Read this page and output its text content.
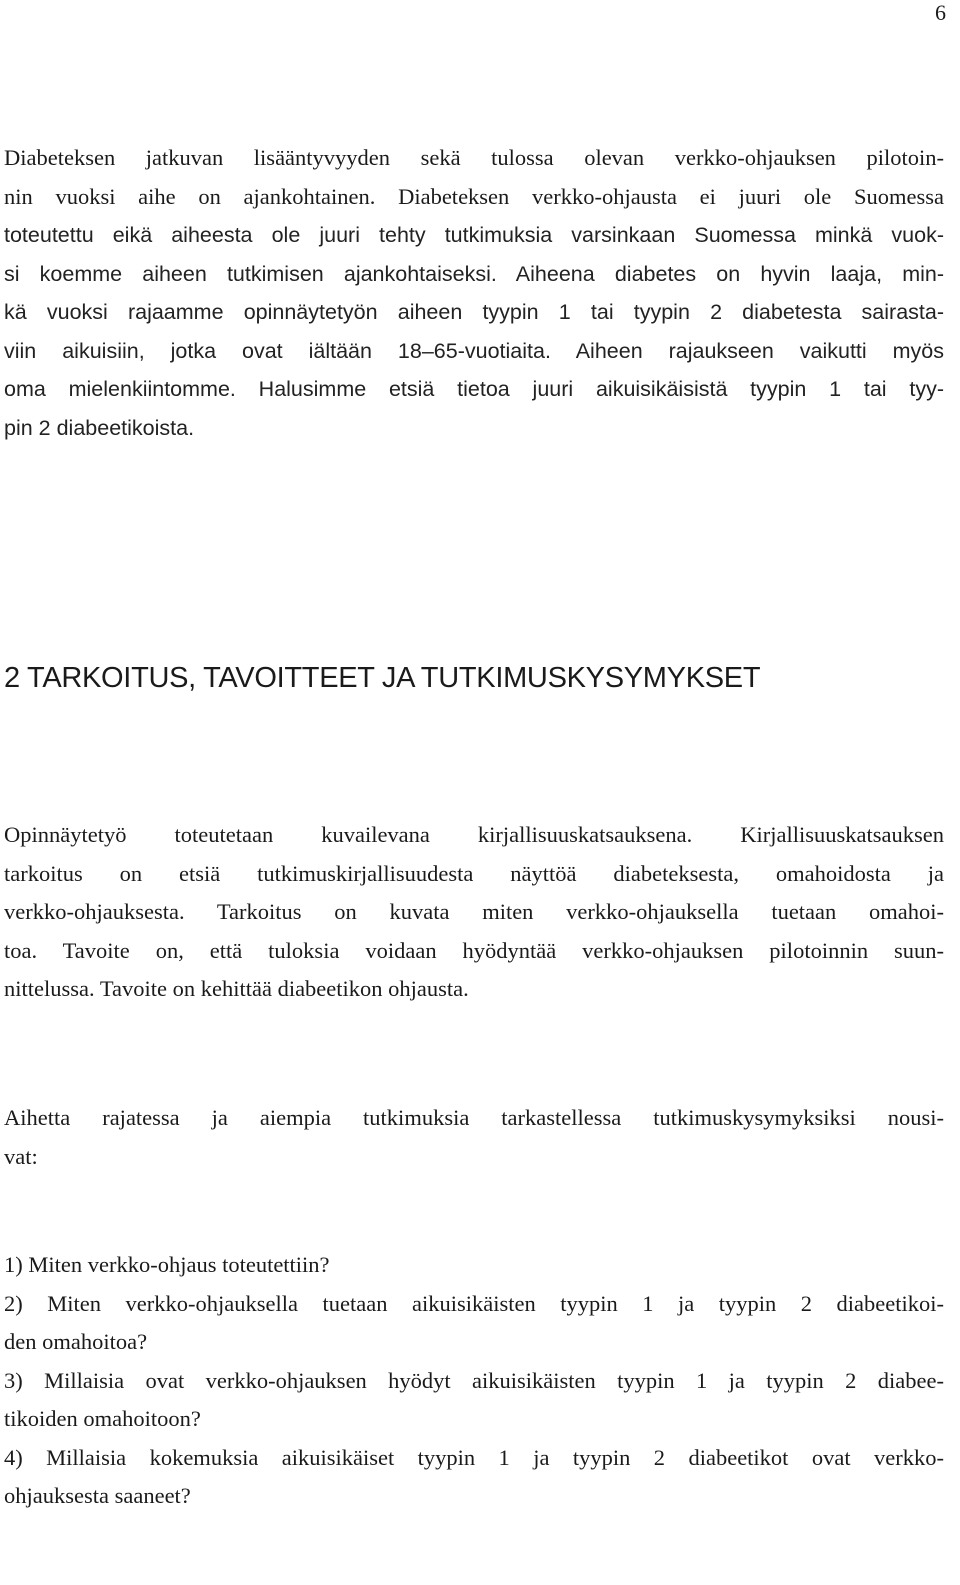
6

Diabeteksen jatkuvan lisääntyvyyden sekä tulossa olevan verkko-ohjauksen pilotoin-
nin vuoksi aihe on ajankohtainen. Diabeteksen verkko-ohjausta ei juuri ole Suomessa
toteutettu eikä aiheesta ole juuri tehty tutkimuksia varsinkaan Suomessa minkä vuok-
si koemme aiheen tutkimisen ajankohtaiseksi. Aiheena diabetes on hyvin laaja, min-
kä vuoksi rajaamme opinnäytetyön aiheen tyypin 1 tai tyypin 2 diabetesta sairasta-
viin aikuisiin, jotka ovat iältään 18–65-vuotiaita. Aiheen rajaukseen vaikutti myös
oma mielenkiintomme. Halusimme etsiä tietoa juuri aikuisikäisistä tyypin 1 tai tyy-
pin 2 diabeetikoista.

2 TARKOITUS, TAVOITTEET JA TUTKIMUSKYSYMYKSET

Opinnäytetyö toteutetaan kuvailevana kirjallisuuskatsauksena. Kirjallisuuskatsauksen
tarkoitus on etsiä tutkimuskirjallisuudesta näyttöä diabeteksesta, omahoidosta ja
verkko-ohjauksesta. Tarkoitus on kuvata miten verkko-ohjauksella tuetaan omahoi-
toa. Tavoite on, että tuloksia voidaan hyödyntää verkko-ohjauksen pilotoinnin suun-
nittelussa. Tavoite on kehittää diabeetikon ohjausta.

Aihetta rajatessa ja aiempia tutkimuksia tarkastellessa tutkimuskysymyksiksi nousi-
vat:

1) Miten verkko-ohjaus toteutettiin?
2) Miten verkko-ohjauksella tuetaan aikuisikäisten tyypin 1 ja tyypin 2 diabeetikoi-
den omahoitoa?
3) Millaisia ovat verkko-ohjauksen hyödyt aikuisikäisten tyypin 1 ja tyypin 2 diabee-
tikoiden omahoitoon?
4) Millaisia kokemuksia aikuisikäiset tyypin 1 ja tyypin 2 diabeetikot ovat verkko-
ohjauksesta saaneet?
